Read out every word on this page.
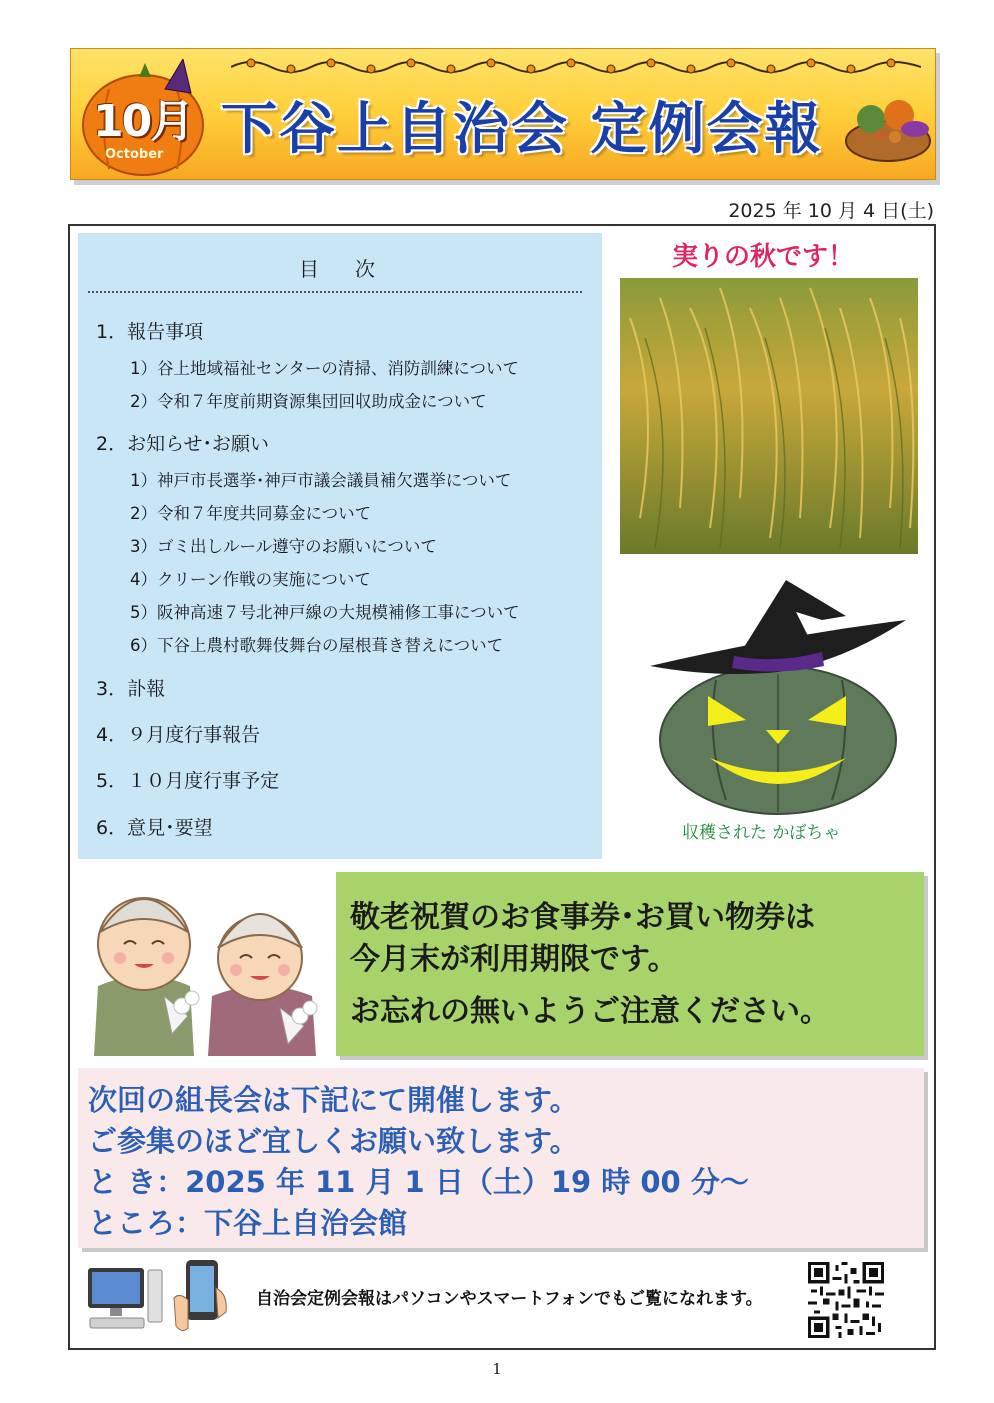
10月
October 下谷上自治会 定例会報
2025 年 10 月 4 日(土)
目次
1．報告事項
1）谷上地域福祉センターの清掃、消防訓練について
2）令和７年度前期資源集団回収助成金について
2．お知らせ･お願い
1）神戸市長選挙･神戸市議会議員補欠選挙について
2）令和７年度共同募金について
3）ゴミ出しルール遵守のお願いについて
4）クリーン作戦の実施について
5）阪神高速７号北神戸線の大規模補修工事について
6）下谷上農村歌舞伎舞台の屋根葺き替えについて
3．訃報
4．９月度行事報告
5．１０月度行事予定
6．意見･要望
実りの秋です！
収穫された かぼちゃ
敬老祝賀のお食事券･お買い物券は
今月末が利用期限です。
お忘れの無いようご注意ください。
次回の組長会は下記にて開催します。
ご参集のほど宜しくお願い致します。
と き：2025 年 11 月 1 日（土）19 時 00 分～
ところ：下谷上自治会館
自治会定例会報はパソコンやスマートフォンでもご覧になれます。
1
